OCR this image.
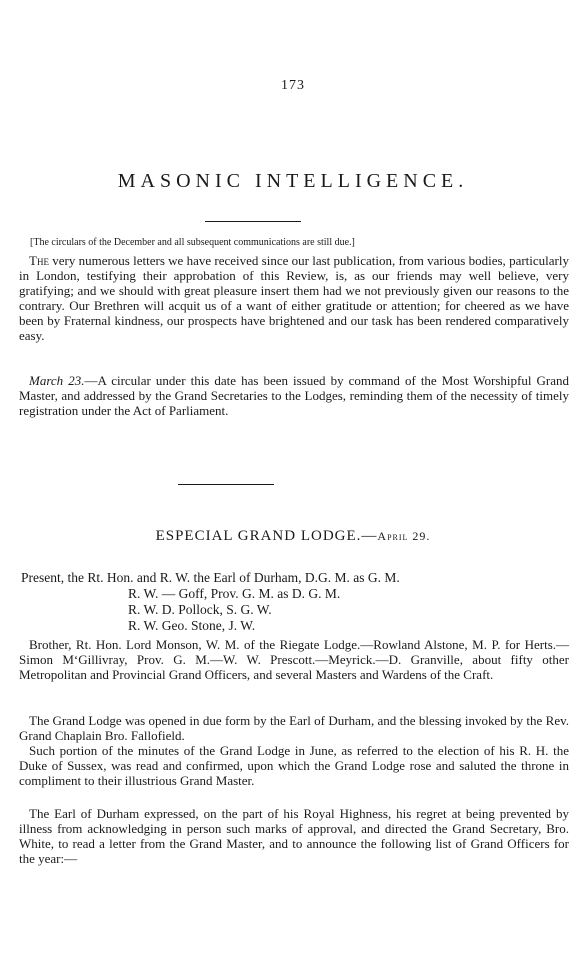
173
MASONIC INTELLIGENCE.
[The circulars of the December and all subsequent communications are still due.]

The very numerous letters we have received since our last publication, from various bodies, particularly in London, testifying their approbation of this Review, is, as our friends may well believe, very gratifying; and we should with great pleasure insert them had we not previously given our reasons to the contrary. Our Brethren will acquit us of a want of either gratitude or attention; for cheered as we have been by Fraternal kindness, our prospects have brightened and our task has been rendered comparatively easy.

March 23.—A circular under this date has been issued by command of the Most Worshipful Grand Master, and addressed by the Grand Secretaries to the Lodges, reminding them of the necessity of timely registration under the Act of Parliament.

ESPECIAL GRAND LODGE.—April 29.
Present, the Rt. Hon. and R. W. the Earl of Durham, D.G. M. as G. M.
R. W. — Goff, Prov. G. M. as D. G. M.
R. W. D. Pollock, S. G. W.
R. W. Geo. Stone, J. W.

Brother, Rt. Hon. Lord Monson, W. M. of the Riegate Lodge.—Rowland Alstone, M. P. for Herts.—Simon M‘Gillivray, Prov. G. M.—W. W. Prescott.—Meyrick.—D. Granville, about fifty other Metropolitan and Provincial Grand Officers, and several Masters and Wardens of the Craft.

The Grand Lodge was opened in due form by the Earl of Durham, and the blessing invoked by the Rev. Grand Chaplain Bro. Fallofield.

Such portion of the minutes of the Grand Lodge in June, as referred to the election of his R. H. the Duke of Sussex, was read and confirmed, upon which the Grand Lodge rose and saluted the throne in compliment to their illustrious Grand Master.

The Earl of Durham expressed, on the part of his Royal Highness, his regret at being prevented by illness from acknowledging in person such marks of approval, and directed the Grand Secretary, Bro. White, to read a letter from the Grand Master, and to announce the following list of Grand Officers for the year:—
